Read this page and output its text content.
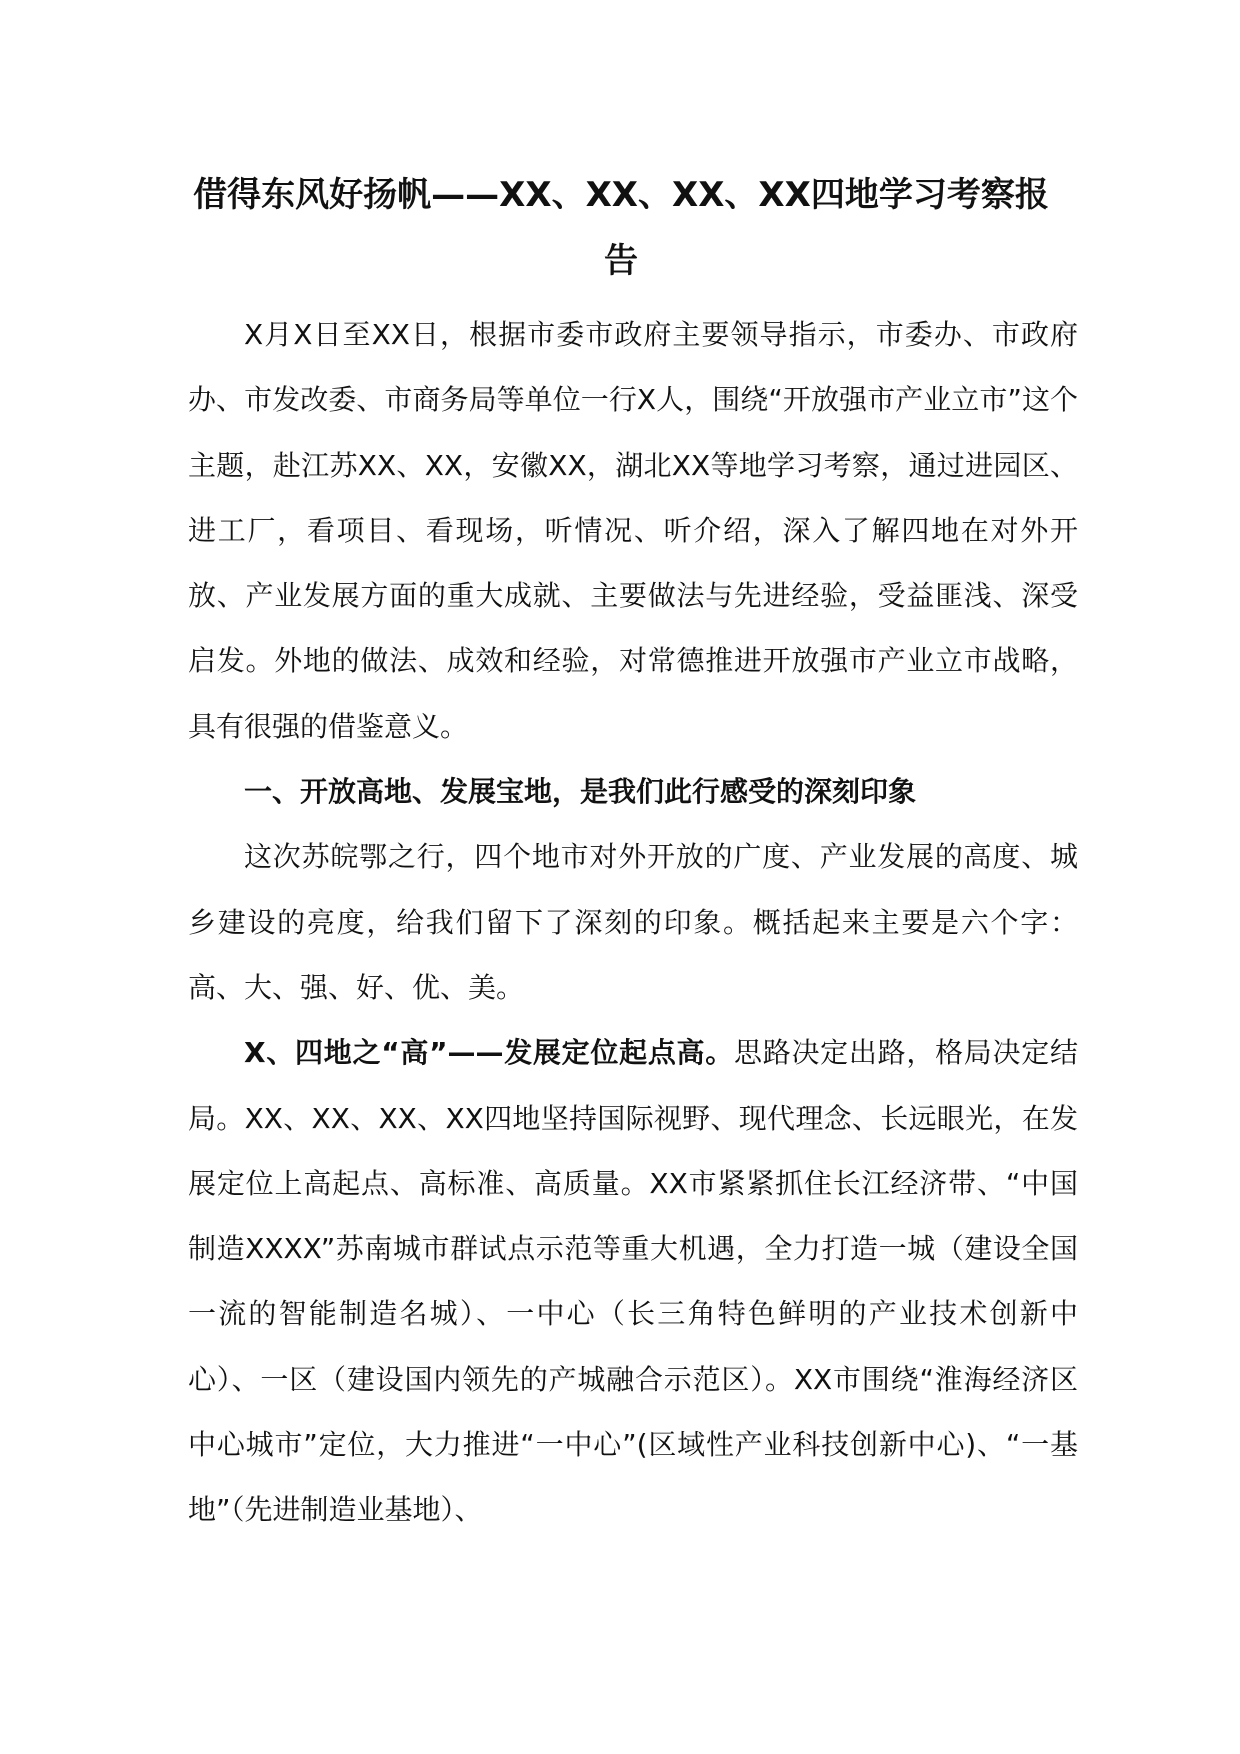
借得东风好扬帆——XX、XX、XX、XX四地学习考察报告

X月X日至XX日，根据市委市政府主要领导指示，市委办、市政府办、市发改委、市商务局等单位一行X人，围绕“开放强市产业立市”这个主题，赴江苏XX、XX，安徽XX，湖北XX等地学习考察，通过进园区、进工厂，看项目、看现场，听情况、听介绍，深入了解四地在对外开放、产业发展方面的重大成就、主要做法与先进经验，受益匪浅、深受启发。外地的做法、成效和经验，对常德推进开放强市产业立市战略，具有很强的借鉴意义。

一、开放高地、发展宝地，是我们此行感受的深刻印象

这次苏皖鄂之行，四个地市对外开放的广度、产业发展的高度、城乡建设的亮度，给我们留下了深刻的印象。概括起来主要是六个字：高、大、强、好、优、美。

X、四地之“高”——发展定位起点高。思路决定出路，格局决定结局。XX、XX、XX、XX四地坚持国际视野、现代理念、长远眼光，在发展定位上高起点、高标准、高质量。XX市紧紧抓住长江经济带、“中国制造XXXX”苏南城市群试点示范等重大机遇，全力打造一城（建设全国一流的智能制造名城）、一中心（长三角特色鲜明的产业技术创新中心）、一区（建设国内领先的产城融合示范区）。XX市围绕“淮海经济区中心城市”定位，大力推进“一中心”(区域性产业科技创新中心)、“一基地”（先进制造业基地）、
